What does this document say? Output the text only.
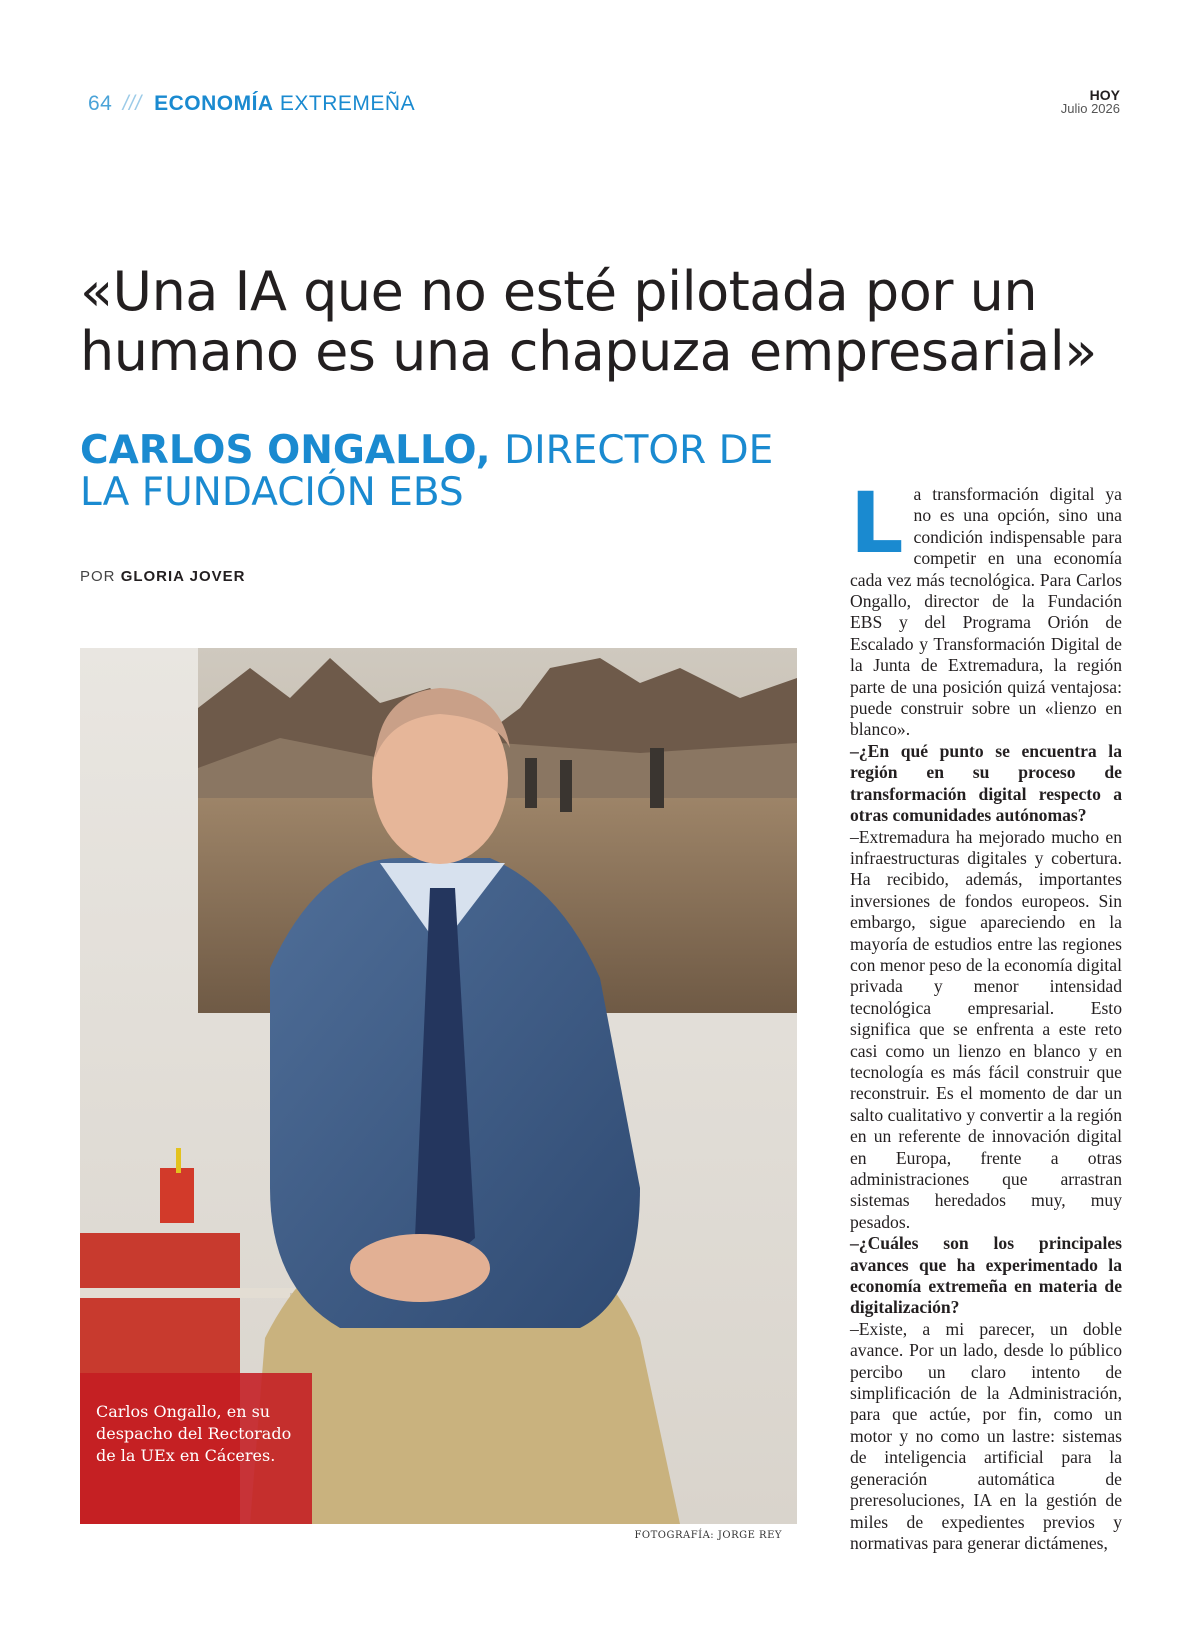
64 /// ECONOMÍA EXTREMEÑA	HOY
Julio 2026
«Una IA que no esté pilotada por un humano es una chapuza empresarial»
CARLOS ONGALLO, DIRECTOR DE LA FUNDACIÓN EBS
POR GLORIA JOVER
Carlos Ongallo, en su despacho del Rectorado de la UEx en Cáceres.
FOTOGRAFÍA: JORGE REY

La transformación digital ya no es una opción, sino una condición indispensable para competir en una economía cada vez más tecnológica. Para Carlos Ongallo, director de la Fundación EBS y del Programa Orión de Escalado y Transformación Digital de la Junta de Extremadura, la región parte de una posición quizá ventajosa: puede construir sobre un «lienzo en blanco».

–¿En qué punto se encuentra la región en su proceso de transformación digital respecto a otras comunidades autónomas?

–Extremadura ha mejorado mucho en infraestructuras digitales y cobertura. Ha recibido, además, importantes inversiones de fondos europeos. Sin embargo, sigue apareciendo en la mayoría de estudios entre las regiones con menor peso de la economía digital privada y menor intensidad tecnológica empresarial. Esto significa que se enfrenta a este reto casi como un lienzo en blanco y en tecnología es más fácil construir que reconstruir. Es el momento de dar un salto cualitativo y convertir a la región en un referente de innovación digital en Europa, frente a otras administraciones que arrastran sistemas heredados muy, muy pesados.

–¿Cuáles son los principales avances que ha experimentado la economía extremeña en materia de digitalización?

–Existe, a mi parecer, un doble avance. Por un lado, desde lo público percibo un claro intento de simplificación de la Administración, para que actúe, por fin, como un motor y no como un lastre: sistemas de inteligencia artificial para la generación automática de preresoluciones, IA en la gestión de miles de expedientes previos y normativas para generar dictámenes,
